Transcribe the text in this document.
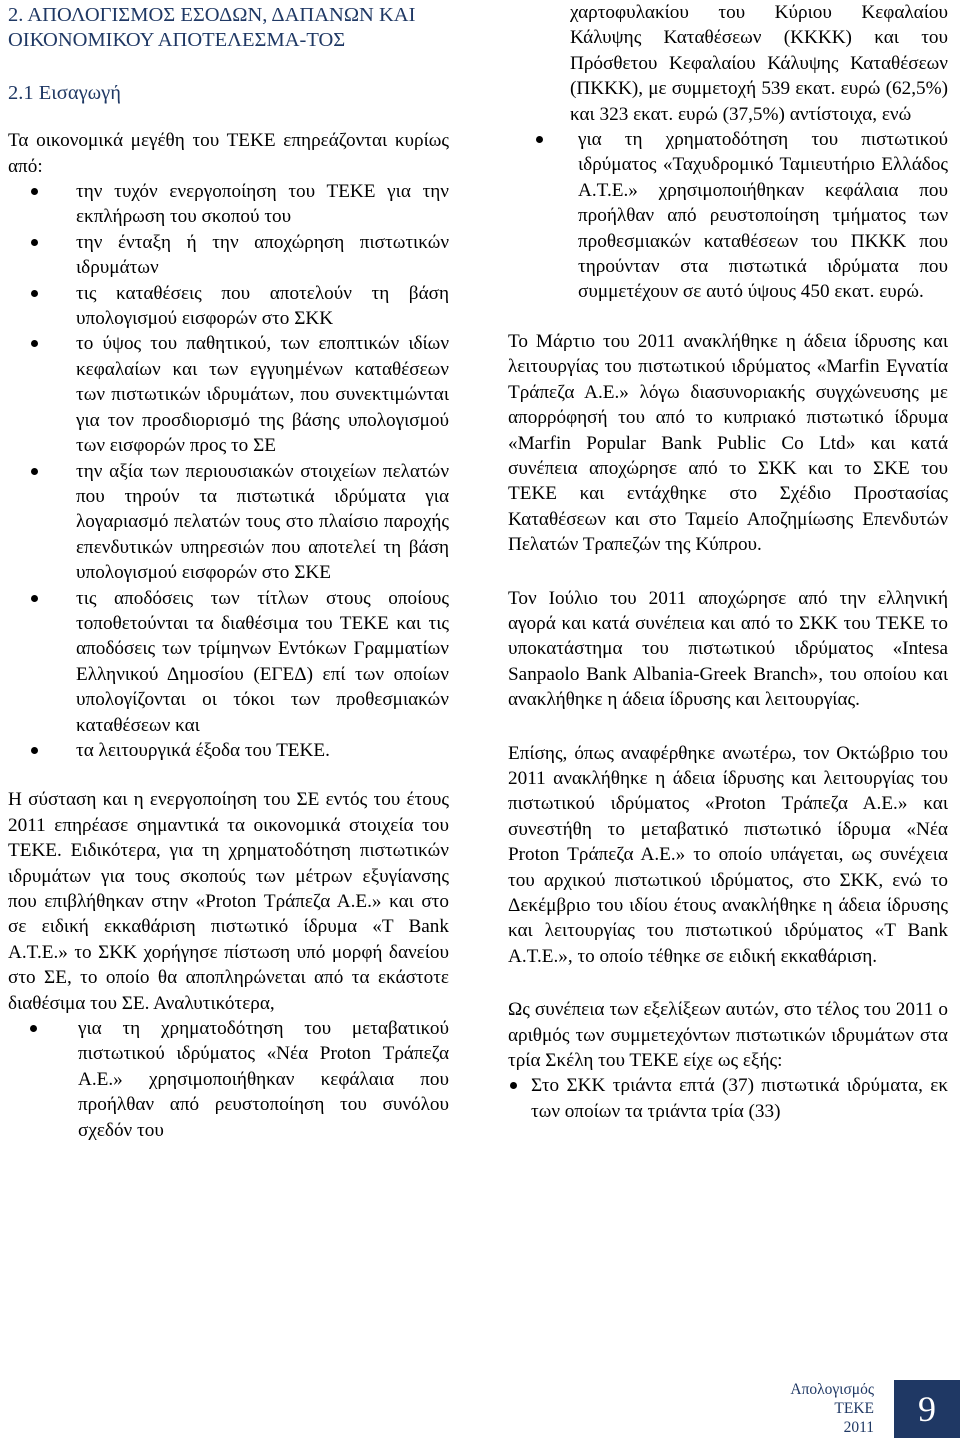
2. ΑΠΟΛΟΓΙΣΜΟΣ ΕΣΟΔΩΝ, ΔΑΠΑΝΩΝ ΚΑΙ ΟΙΚΟΝΟΜΙΚΟΥ ΑΠΟΤΕΛΕΣΜΑ-ΤΟΣ
2.1 Εισαγωγή

Τα οικονομικά μεγέθη του ΤΕΚΕ επηρεάζονται κυρίως από:

την τυχόν ενεργοποίηση του ΤΕΚΕ για την εκπλήρωση του σκοπού του
την ένταξη ή την αποχώρηση πιστωτικών ιδρυμάτων
τις καταθέσεις που αποτελούν τη βάση υπολογισμού εισφορών στο ΣΚΚ
το ύψος του παθητικού, των εποπτικών ιδίων κεφαλαίων και των εγγυημένων καταθέσεων των πιστωτικών ιδρυμάτων, που συνεκτιμώνται για τον προσδιορισμό της βάσης υπολογισμού των εισφορών προς το ΣΕ
την αξία των περιουσιακών στοιχείων πελατών που τηρούν τα πιστωτικά ιδρύματα για λογαριασμό πελατών τους στο πλαίσιο παροχής επενδυτικών υπηρεσιών που αποτελεί τη βάση υπολογισμού εισφορών στο ΣΚΕ
τις αποδόσεις των τίτλων στους οποίους τοποθετούνται τα διαθέσιμα του ΤΕΚΕ και τις αποδόσεις των τρίμηνων Εντόκων Γραμματίων Ελληνικού Δημοσίου (ΕΓΕΔ) επί των οποίων υπολογίζονται οι τόκοι των προθεσμιακών καταθέσεων και
τα λειτουργικά έξοδα του ΤΕΚΕ.

Η σύσταση και η ενεργοποίηση του ΣΕ εντός του έτους 2011 επηρέασε σημαντικά τα οικονομικά στοιχεία του ΤΕΚΕ. Ειδικότερα, για τη χρηματοδότηση πιστωτικών ιδρυμάτων για τους σκοπούς των μέτρων εξυγίανσης που επιβλήθηκαν στην «Proton Τράπεζα Α.Ε.» και στο σε ειδική εκκαθάριση πιστωτικό ίδρυμα «Τ Bank Α.Τ.Ε.» το ΣΚΚ χορήγησε πίστωση υπό μορφή δανείου στο ΣΕ, το οποίο θα αποπληρώνεται από τα εκάστοτε διαθέσιμα του ΣΕ. Αναλυτικότερα,

για τη χρηματοδότηση του μεταβατικού πιστωτικού ιδρύματος «Νέα Proton Τράπεζα Α.Ε.» χρησιμοποιήθηκαν κεφάλαια που προήλθαν από ρευστοποίηση του συνόλου σχεδόν του

χαρτοφυλακίου του Κύριου Κεφαλαίου Κάλυψης Καταθέσεων (ΚΚΚΚ) και του Πρόσθετου Κεφαλαίου Κάλυψης Καταθέσεων (ΠΚΚΚ), με συμμετοχή 539 εκατ. ευρώ (62,5%) και 323 εκατ. ευρώ (37,5%) αντίστοιχα, ενώ

για τη χρηματοδότηση του πιστωτικού ιδρύματος «Ταχυδρομικό Ταμιευτήριο Ελλάδος Α.Τ.Ε.» χρησιμοποιήθηκαν κεφάλαια που προήλθαν από ρευστοποίηση τμήματος των προθεσμιακών καταθέσεων του ΠΚΚΚ που τηρούνταν στα πιστωτικά ιδρύματα που συμμετέχουν σε αυτό ύψους 450 εκατ. ευρώ.

Το Μάρτιο του 2011 ανακλήθηκε η άδεια ίδρυσης και λειτουργίας του πιστωτικού ιδρύματος «Marfin Εγνατία Τράπεζα Α.Ε.» λόγω διασυνοριακής συγχώνευσης με απορρόφησή του από το κυπριακό πιστωτικό ίδρυμα «Marfin Popular Bank Public Co Ltd» και κατά συνέπεια αποχώρησε από το ΣΚΚ και το ΣΚΕ του ΤΕΚΕ και εντάχθηκε στο Σχέδιο Προστασίας Καταθέσεων και στο Ταμείο Αποζημίωσης Επενδυτών Πελατών Τραπεζών της Κύπρου.

Τον Ιούλιο του 2011 αποχώρησε από την ελληνική αγορά και κατά συνέπεια και από το ΣΚΚ του ΤΕΚΕ το υποκατάστημα του πιστωτικού ιδρύματος «Intesa Sanpaolo Bank Albania-Greek Branch», του οποίου και ανακλήθηκε η άδεια ίδρυσης και λειτουργίας.

Επίσης, όπως αναφέρθηκε ανωτέρω, τον Οκτώβριο του 2011 ανακλήθηκε η άδεια ίδρυσης και λειτουργίας του πιστωτικού ιδρύματος «Proton Τράπεζα Α.Ε.» και συνεστήθη το μεταβατικό πιστωτικό ίδρυμα «Νέα Proton Τράπεζα Α.Ε.» το οποίο υπάγεται, ως συνέχεια του αρχικού πιστωτικού ιδρύματος, στο ΣΚΚ, ενώ το Δεκέμβριο του ιδίου έτους ανακλήθηκε η άδεια ίδρυσης και λειτουργίας του πιστωτικού ιδρύματος «Τ Bank Α.Τ.Ε.», το οποίο τέθηκε σε ειδική εκκαθάριση.

Ως συνέπεια των εξελίξεων αυτών, στο τέλος του 2011 ο αριθμός των συμμετεχόντων πιστωτικών ιδρυμάτων στα τρία Σκέλη του ΤΕΚΕ είχε ως εξής:

Στο ΣΚΚ τριάντα επτά (37) πιστωτικά ιδρύματα, εκ των οποίων τα τριάντα τρία (33)
Απολογισμός
ΤΕΚΕ
2011	9
